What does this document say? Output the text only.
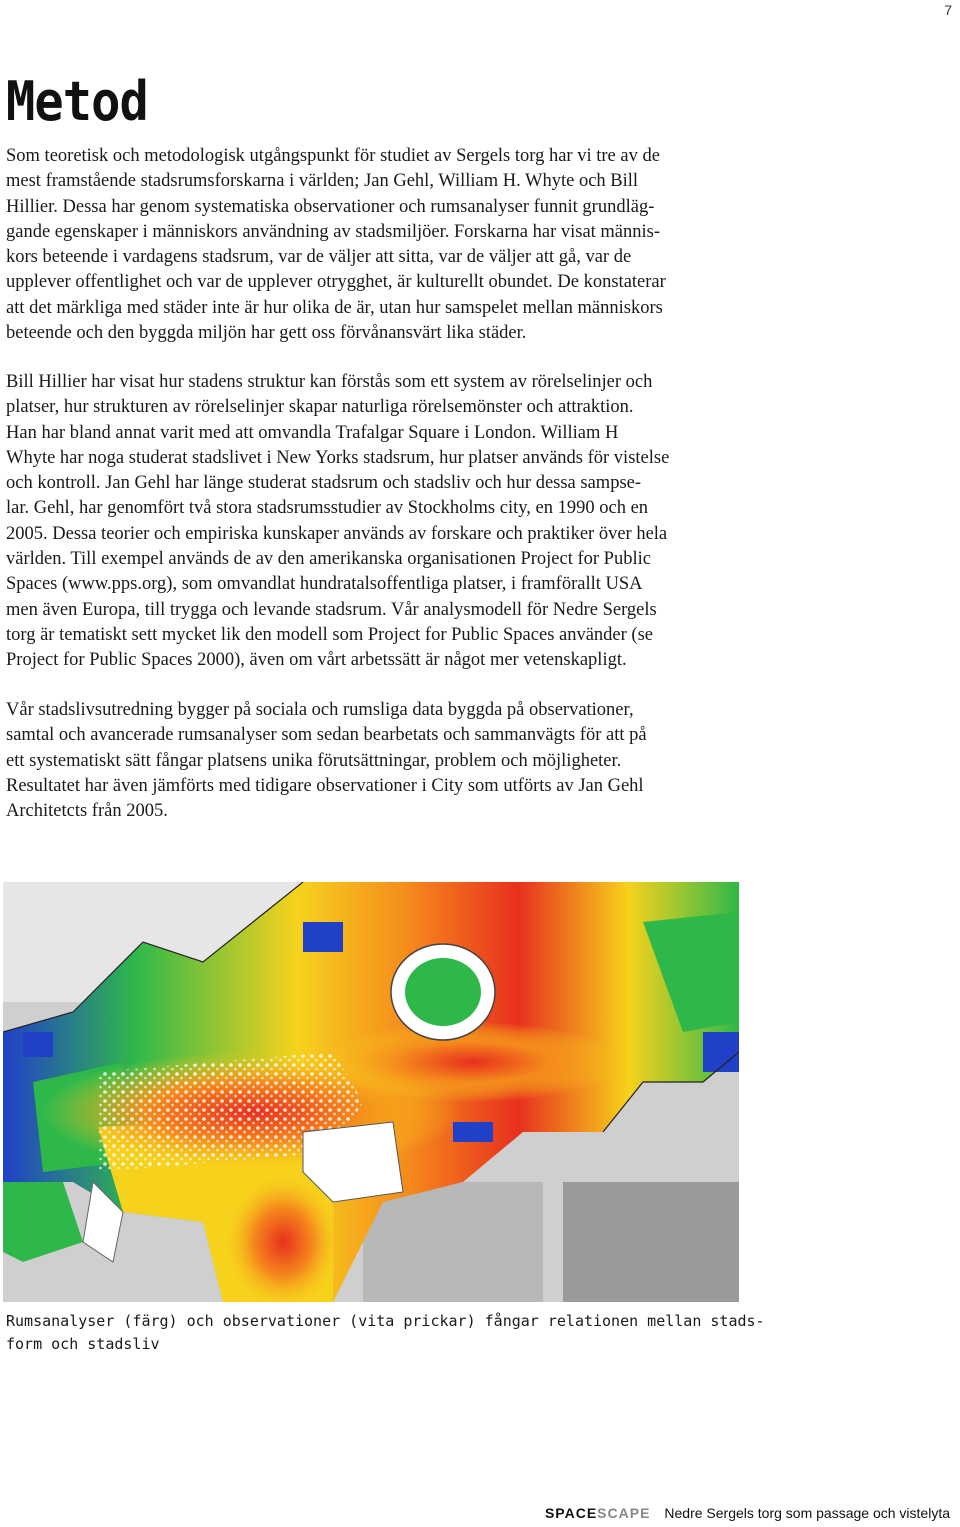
7
Metod
Som teoretisk och metodologisk utgångspunkt för studiet av Sergels torg har vi tre av de
mest framstående stadsrumsforskarna i världen; Jan Gehl, William H. Whyte och Bill
Hillier. Dessa har genom systematiska observationer och rumsanalyser funnit grundläg-
gande egenskaper i människors användning av stadsmiljöer. Forskarna har visat männis-
kors beteende i vardagens stadsrum, var de väljer att sitta, var de väljer att gå, var de
upplever offentlighet och var de upplever otrygghet, är kulturellt obundet. De konstaterar
att det märkliga med städer inte är hur olika de är, utan hur samspelet mellan människors
beteende och den byggda miljön har gett oss förvånansvärt lika städer.
Bill Hillier har visat hur stadens struktur kan förstås som ett system av rörelselinjer och
platser, hur strukturen av rörelselinjer skapar naturliga rörelsemönster och attraktion.
Han har bland annat varit med att omvandla Trafalgar Square i London. William H
Whyte har noga studerat stadslivet i New Yorks stadsrum, hur platser används för vistelse
och kontroll. Jan Gehl har länge studerat stadsrum och stadsliv och hur dessa sampse-
lar. Gehl, har genomfört två stora stadsrumsstudier av Stockholms city, en 1990 och en
2005. Dessa teorier och empiriska kunskaper används av forskare och praktiker över hela
världen. Till exempel används de av den amerikanska organisationen Project for Public
Spaces (www.pps.org), som omvandlat hundratalsoffentliga platser, i framförallt USA
men även Europa, till trygga och levande stadsrum. Vår analysmodell för Nedre Sergels
torg är tematiskt sett mycket lik den modell som Project for Public Spaces använder (se
Project for Public Spaces 2000), även om vårt arbetssätt är något mer vetenskapligt.
Vår stadslivsutredning bygger på sociala och rumsliga data byggda på observationer,
samtal och avancerade rumsanalyser som sedan bearbetats och sammanvägts för att på
ett systematiskt sätt fångar platsens unika förutsättningar, problem och möjligheter.
Resultatet har även jämförts med tidigare observationer i City som utförts av Jan Gehl
Architetcts från 2005.
Rumsanalyser (färg) och observationer (vita prickar) fångar relationen mellan stads-
form och stadsliv
SPACESCAPE Nedre Sergels torg som passage och vistelytа
